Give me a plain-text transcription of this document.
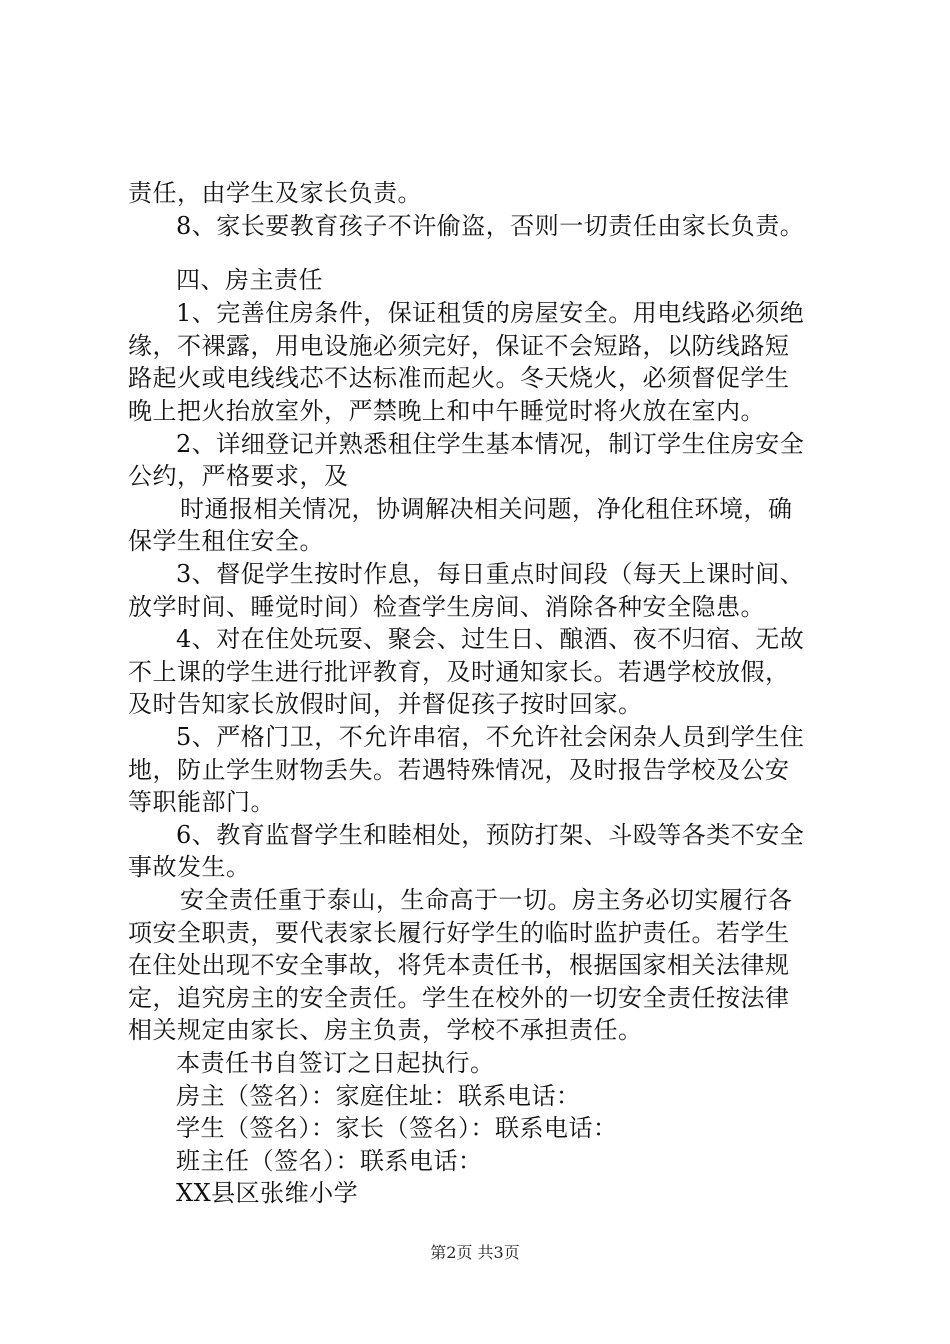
责任，由学生及家长负责。
8、家长要教育孩子不许偷盗，否则一切责任由家长负责。
四、房主责任
1、完善住房条件，保证租赁的房屋安全。用电线路必须绝
缘，不裸露，用电设施必须完好，保证不会短路，以防线路短
路起火或电线线芯不达标准而起火。冬天烧火，必须督促学生
晚上把火抬放室外，严禁晚上和中午睡觉时将火放在室内。
2、详细登记并熟悉租住学生基本情况，制订学生住房安全
公约，严格要求，及
时通报相关情况，协调解决相关问题，净化租住环境，确
保学生租住安全。
3、督促学生按时作息，每日重点时间段（每天上课时间、
放学时间、睡觉时间）检查学生房间、消除各种安全隐患。
4、对在住处玩耍、聚会、过生日、酿酒、夜不归宿、无故
不上课的学生进行批评教育，及时通知家长。若遇学校放假，
及时告知家长放假时间，并督促孩子按时回家。
5、严格门卫，不允许串宿，不允许社会闲杂人员到学生住
地，防止学生财物丢失。若遇特殊情况，及时报告学校及公安
等职能部门。
6、教育监督学生和睦相处，预防打架、斗殴等各类不安全
事故发生。
安全责任重于泰山，生命高于一切。房主务必切实履行各
项安全职责，要代表家长履行好学生的临时监护责任。若学生
在住处出现不安全事故，将凭本责任书，根据国家相关法律规
定，追究房主的安全责任。学生在校外的一切安全责任按法律
相关规定由家长、房主负责，学校不承担责任。
本责任书自签订之日起执行。
房主（签名）：家庭住址：联系电话：
学生（签名）：家长（签名）：联系电话：
班主任（签名）：联系电话：
XX县区张维小学
第2页 共3页
